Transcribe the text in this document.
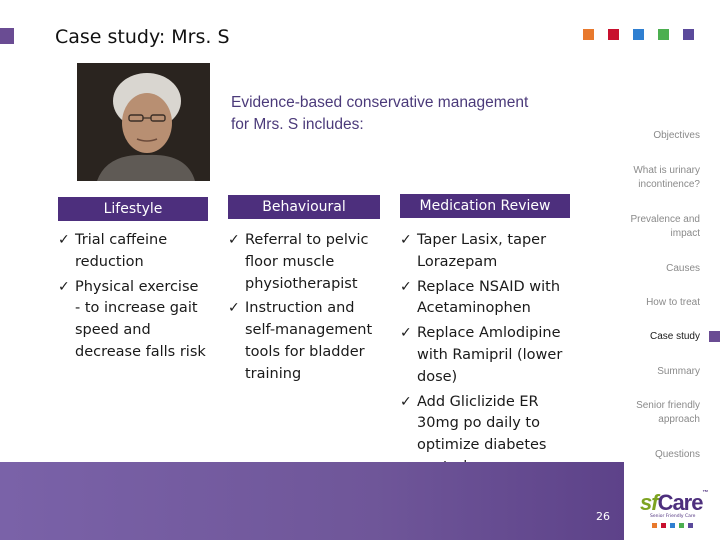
Case study: Mrs. S
Evidence-based conservative management
for Mrs. S includes:
Lifestyle
✓ Trial caffeine reduction
✓ Physical exercise - to increase gait speed and decrease falls risk
Behavioural
✓ Referral to pelvic floor muscle physiotherapist
✓ Instruction and self-management tools for bladder training
Medication Review
✓ Taper Lasix, taper Lorazepam
✓ Replace NSAID with Acetaminophen
✓ Replace Amlodipine with Ramipril (lower dose)
✓ Add Gliclizide ER 30mg po daily to optimize diabetes
Objectives
What is urinary
incontinence?
Prevalence and
impact
Causes
How to treat
Case study
Summary
Senior friendly
approach
Questions
26
sfCare™
Senior Friendly Care
